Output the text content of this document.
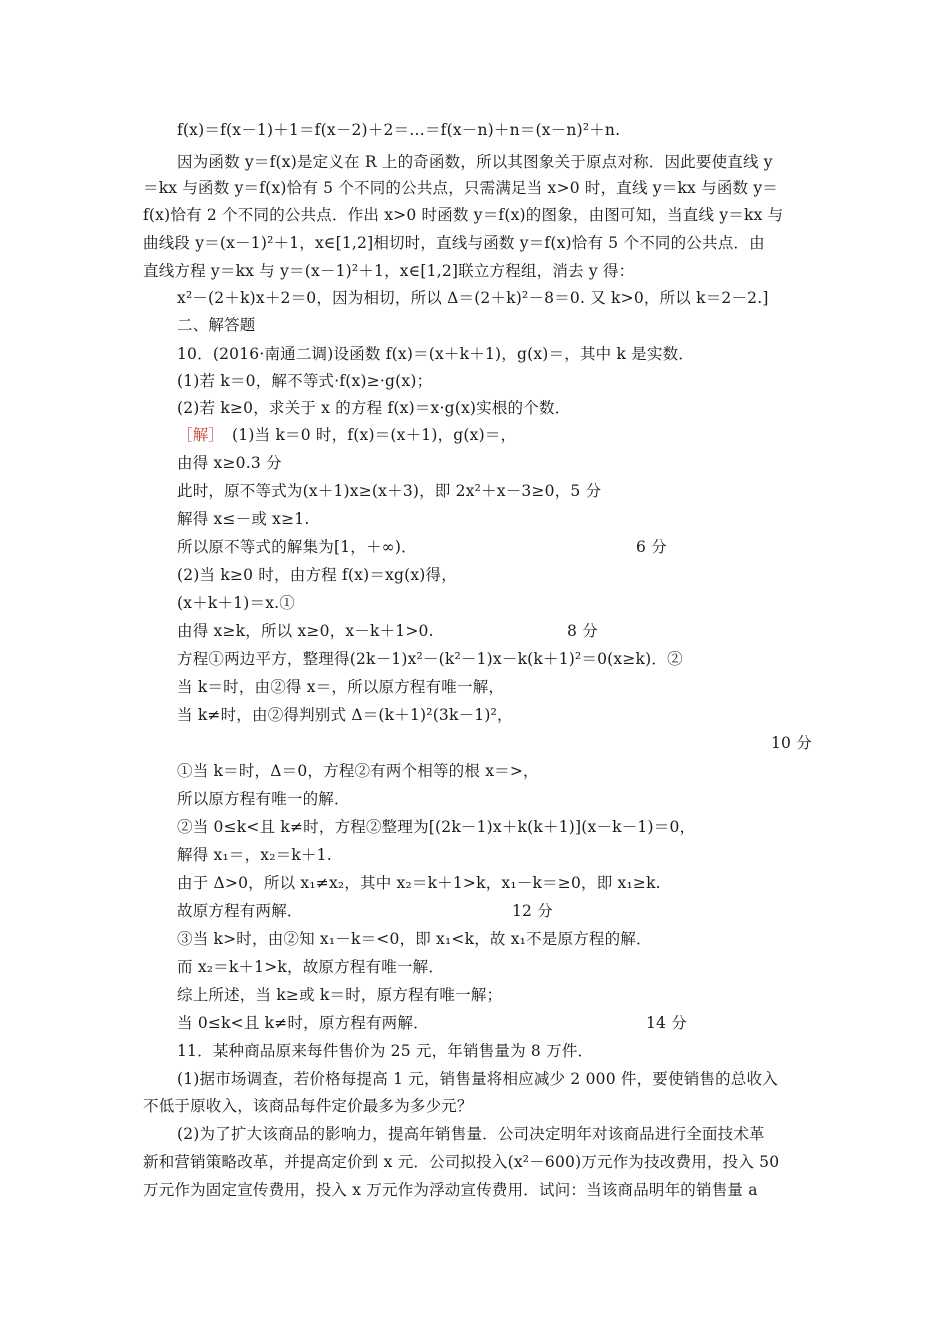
f(x)＝f(x－1)＋1＝f(x－2)＋2＝…＝f(x－n)＋n＝(x－n)²＋n.
因为函数 y＝f(x)是定义在 R 上的奇函数，所以其图象关于原点对称．因此要使直线 y
＝kx 与函数 y＝f(x)恰有 5 个不同的公共点，只需满足当 x>0 时，直线 y＝kx 与函数 y＝
f(x)恰有 2 个不同的公共点．作出 x>0 时函数 y＝f(x)的图象，由图可知，当直线 y＝kx 与
曲线段 y＝(x－1)²＋1，x∈[1,2]相切时，直线与函数 y＝f(x)恰有 5 个不同的公共点．由
直线方程 y＝kx 与 y＝(x－1)²＋1，x∈[1,2]联立方程组，消去 y 得：
x²－(2＋k)x＋2＝0，因为相切，所以 Δ＝(2＋k)²－8＝0. 又 k>0，所以 k＝2－2.]
二、解答题
10．(2016·南通二调)设函数 f(x)＝(x＋k＋1)，g(x)＝，其中 k 是实数．
(1)若 k＝0，解不等式·f(x)≥·g(x)；
(2)若 k≥0，求关于 x 的方程 f(x)＝x·g(x)实根的个数．
［解］　(1)当 k＝0 时，f(x)＝(x＋1)，g(x)＝，
由得 x≥0.3 分
此时，原不等式为(x＋1)x≥(x＋3)，即 2x²＋x－3≥0，5 分
解得 x≤－或 x≥1.
所以原不等式的解集为[1，＋∞)．	6 分
(2)当 k≥0 时，由方程 f(x)＝xg(x)得，
(x＋k＋1)＝x.①
由得 x≥k，所以 x≥0，x－k＋1>0.	8 分
方程①两边平方，整理得(2k－1)x²－(k²－1)x－k(k＋1)²＝0(x≥k)．②
当 k＝时，由②得 x＝，所以原方程有唯一解，
当 k≠时，由②得判别式 Δ＝(k＋1)²(3k－1)²，
10 分
①当 k＝时，Δ＝0，方程②有两个相等的根 x＝>，
所以原方程有唯一的解．
②当 0≤k<且 k≠时，方程②整理为[(2k－1)x＋k(k＋1)](x－k－1)＝0，
解得 x₁＝，x₂＝k＋1.
由于 Δ>0，所以 x₁≠x₂，其中 x₂＝k＋1>k，x₁－k＝≥0，即 x₁≥k.
故原方程有两解．	12 分
③当 k>时，由②知 x₁－k＝<0，即 x₁<k，故 x₁不是原方程的解．
而 x₂＝k＋1>k，故原方程有唯一解．
综上所述，当 k≥或 k＝时，原方程有唯一解；
当 0≤k<且 k≠时，原方程有两解．	14 分
11．某种商品原来每件售价为 25 元，年销售量为 8 万件．
(1)据市场调查，若价格每提高 1 元，销售量将相应减少 2 000 件，要使销售的总收入
不低于原收入，该商品每件定价最多为多少元？
(2)为了扩大该商品的影响力，提高年销售量．公司决定明年对该商品进行全面技术革
新和营销策略改革，并提高定价到 x 元．公司拟投入(x²－600)万元作为技改费用，投入 50
万元作为固定宣传费用，投入 x 万元作为浮动宣传费用．试问：当该商品明年的销售量 a
